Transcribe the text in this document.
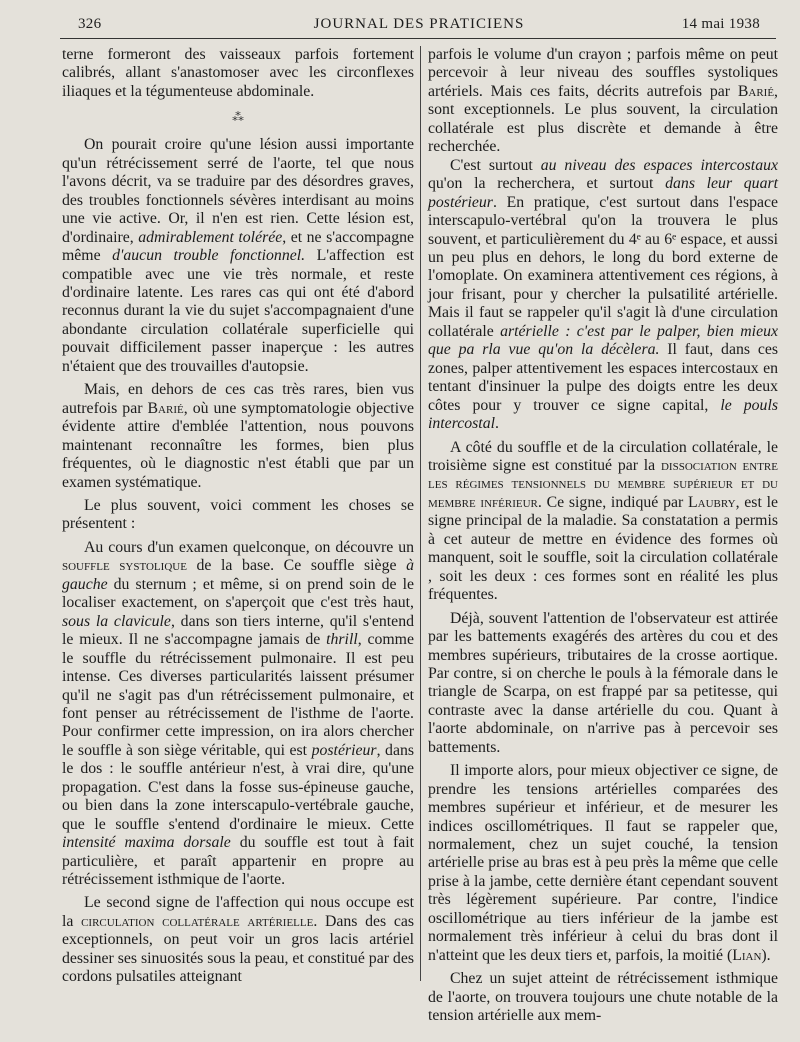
326	JOURNAL DES PRATICIENS	14 mai 1938

terne formeront des vaisseaux parfois fortement calibrés, allant s'anastomoser avec les circonflexes iliaques et la tégumenteuse abdominale.

⁂

On pourait croire qu'une lésion aussi importante qu'un rétrécissement serré de l'aorte, tel que nous l'avons décrit, va se traduire par des désordres graves, des troubles fonctionnels sévères interdisant au moins une vie active. Or, il n'en est rien. Cette lésion est, d'ordinaire, admirablement tolérée, et ne s'accompagne même d'aucun trouble fonctionnel. L'affection est compatible avec une vie très normale, et reste d'ordinaire latente. Les rares cas qui ont été d'abord reconnus durant la vie du sujet s'accompagnaient d'une abondante circulation collatérale superficielle qui pouvait difficilement passer inaperçue : les autres n'étaient que des trouvailles d'autopsie.

Mais, en dehors de ces cas très rares, bien vus autrefois par Barié, où une symptomatologie objective évidente attire d'emblée l'attention, nous pouvons maintenant reconnaître les formes, bien plus fréquentes, où le diagnostic n'est établi que par un examen systématique.

Le plus souvent, voici comment les choses se présentent :

Au cours d'un examen quelconque, on découvre un souffle systolique de la base. Ce souffle siège à gauche du sternum ; et même, si on prend soin de le localiser exactement, on s'aperçoit que c'est très haut, sous la clavicule, dans son tiers interne, qu'il s'entend le mieux. Il ne s'accompagne jamais de thrill, comme le souffle du rétrécissement pulmonaire. Il est peu intense. Ces diverses particularités laissent présumer qu'il ne s'agit pas d'un rétrécissement pulmonaire, et font penser au rétrécissement de l'isthme de l'aorte. Pour confirmer cette impression, on ira alors chercher le souffle à son siège véritable, qui est postérieur, dans le dos : le souffle antérieur n'est, à vrai dire, qu'une propagation. C'est dans la fosse sus-épineuse gauche, ou bien dans la zone interscapulo-vertébrale gauche, que le souffle s'entend d'ordinaire le mieux. Cette intensité maxima dorsale du souffle est tout à fait particulière, et paraît appartenir en propre au rétrécissement isthmique de l'aorte.

Le second signe de l'affection qui nous occupe est la circulation collatérale artérielle. Dans des cas exceptionnels, on peut voir un gros lacis artériel dessiner ses sinuosités sous la peau, et constitué par des cordons pulsatiles atteignant

parfois le volume d'un crayon ; parfois même on peut percevoir à leur niveau des souffles systoliques artériels. Mais ces faits, décrits autrefois par Barié, sont exceptionnels. Le plus souvent, la circulation collatérale est plus discrète et demande à être recherchée.

C'est surtout au niveau des espaces intercostaux qu'on la recherchera, et surtout dans leur quart postérieur. En pratique, c'est surtout dans l'espace interscapulo-vertébral qu'on la trouvera le plus souvent, et particulièrement du 4ᵉ au 6ᵉ espace, et aussi un peu plus en dehors, le long du bord externe de l'omoplate. On examinera attentivement ces régions, à jour frisant, pour y chercher la pulsatilité artérielle. Mais il faut se rappeler qu'il s'agit là d'une circulation collatérale artérielle : c'est par le palper, bien mieux que pa rla vue qu'on la décèlera. Il faut, dans ces zones, palper attentivement les espaces intercostaux en tentant d'insinuer la pulpe des doigts entre les deux côtes pour y trouver ce signe capital, le pouls intercostal.

A côté du souffle et de la circulation collatérale, le troisième signe est constitué par la dissociation entre les régimes tensionnels du membre supérieur et du membre inférieur. Ce signe, indiqué par Laubry, est le signe principal de la maladie. Sa constatation a permis à cet auteur de mettre en évidence des formes où manquent, soit le souffle, soit la circulation collatérale , soit les deux : ces formes sont en réalité les plus fréquentes.

Déjà, souvent l'attention de l'observateur est attirée par les battements exagérés des artères du cou et des membres supérieurs, tributaires de la crosse aortique. Par contre, si on cherche le pouls à la fémorale dans le triangle de Scarpa, on est frappé par sa petitesse, qui contraste avec la danse artérielle du cou. Quant à l'aorte abdominale, on n'arrive pas à percevoir ses battements.

Il importe alors, pour mieux objectiver ce signe, de prendre les tensions artérielles comparées des membres supérieur et inférieur, et de mesurer les indices oscillométriques. Il faut se rappeler que, normalement, chez un sujet couché, la tension artérielle prise au bras est à peu près la même que celle prise à la jambe, cette dernière étant cependant souvent très légèrement supérieure. Par contre, l'indice oscillométrique au tiers inférieur de la jambe est normalement très inférieur à celui du bras dont il n'atteint que les deux tiers et, parfois, la moitié (Lian).

Chez un sujet atteint de rétrécissement isthmique de l'aorte, on trouvera toujours une chute notable de la tension artérielle aux mem-
